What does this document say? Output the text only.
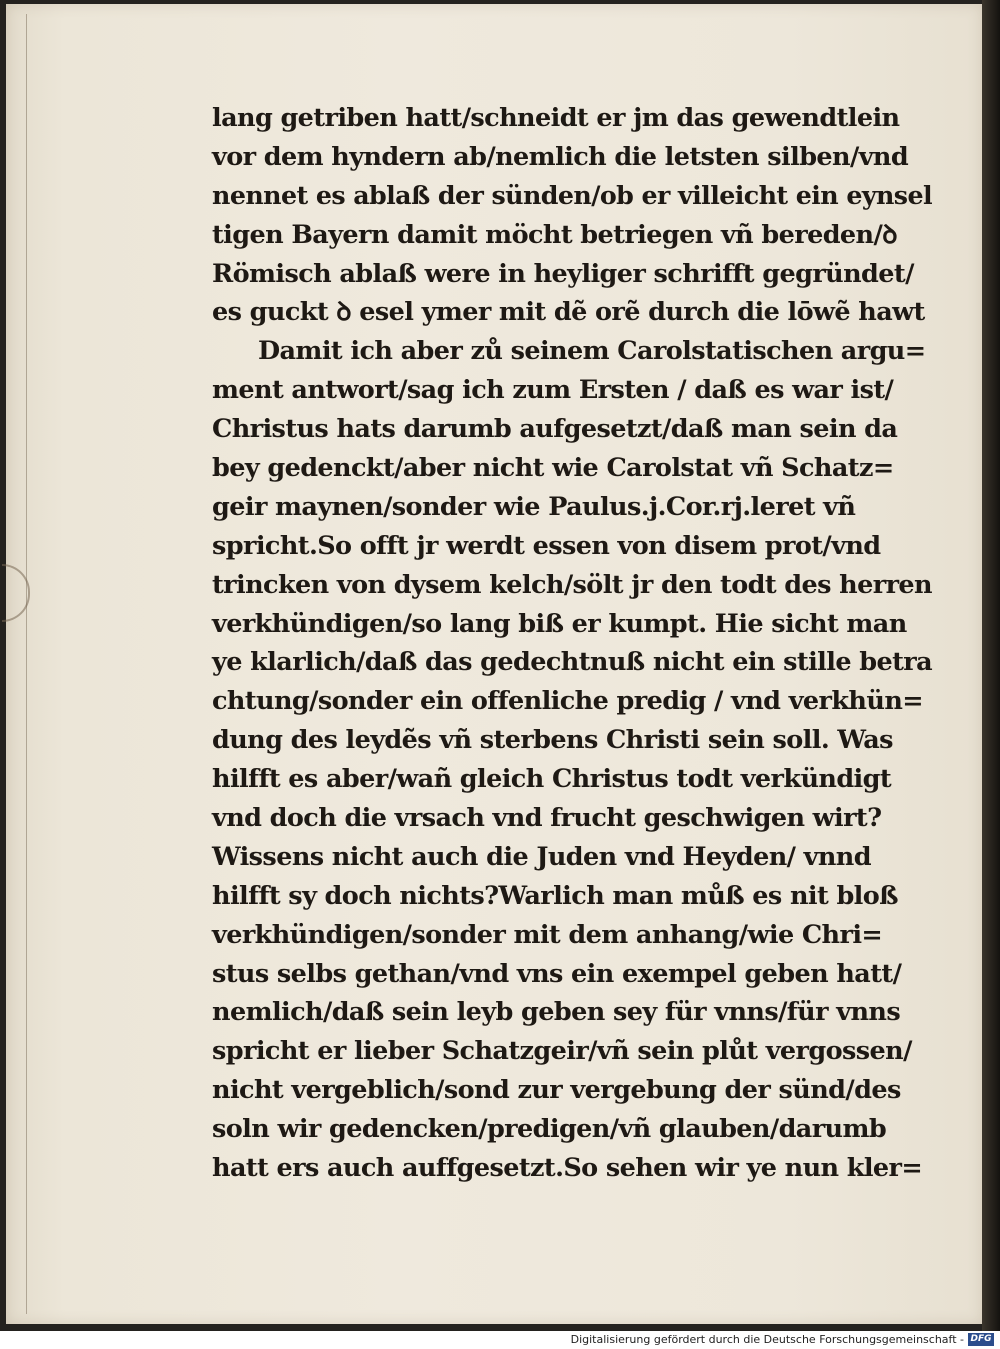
lang getriben hatt/schneidt er jm das gewendtlein
vor dem hyndern ab/nemlich die letsten silben/vnd
nennet es ablaß der sünden/ob er villeicht ein eynsel
tigen Bayern damit möcht betriegen vñ bereden/ꝺ
Römisch ablaß were in heyliger schrifft gegründet/
es guckt ꝺ esel ymer mit dẽ orẽ durch die lōwẽ hawt
Damit ich aber zů seinem Carolstatischen argu=
ment antwort/sag ich zum Ersten / daß es war ist/
Christus hats darumb aufgesetzt/daß man sein da
bey gedenckt/aber nicht wie Carolstat vñ Schatz=
geir maynen/sonder wie Paulus.j.Cor.rj.leret vñ
spricht.So offt jr werdt essen von disem prot/vnd
trincken von dysem kelch/sölt jr den todt des herren
verkhündigen/so lang biß er kumpt. Hie sicht man
ye klarlich/daß das gedechtnuß nicht ein stille betra
chtung/sonder ein offenliche predig / vnd verkhün=
dung des leydẽs vñ sterbens Christi sein soll. Was
hilfft es aber/wañ gleich Christus todt verkündigt
vnd doch die vrsach vnd frucht geschwigen wirt?
Wissens nicht auch die Juden vnd Heyden/ vnnd
hilfft sy doch nichts?Warlich man můß es nit bloß
verkhündigen/sonder mit dem anhang/wie Chri=
stus selbs gethan/vnd vns ein exempel geben hatt/
nemlich/daß sein leyb geben sey für vnns/für vnns
spricht er lieber Schatzgeir/vñ sein plůt vergossen/
nicht vergeblich/sond zur vergebung der sünd/des
soln wir gedencken/predigen/vñ glauben/darumb
hatt ers auch auffgesetzt.So sehen wir ye nun kler=
Digitalisierung gefördert durch die Deutsche Forschungsgemeinschaft - DFG
